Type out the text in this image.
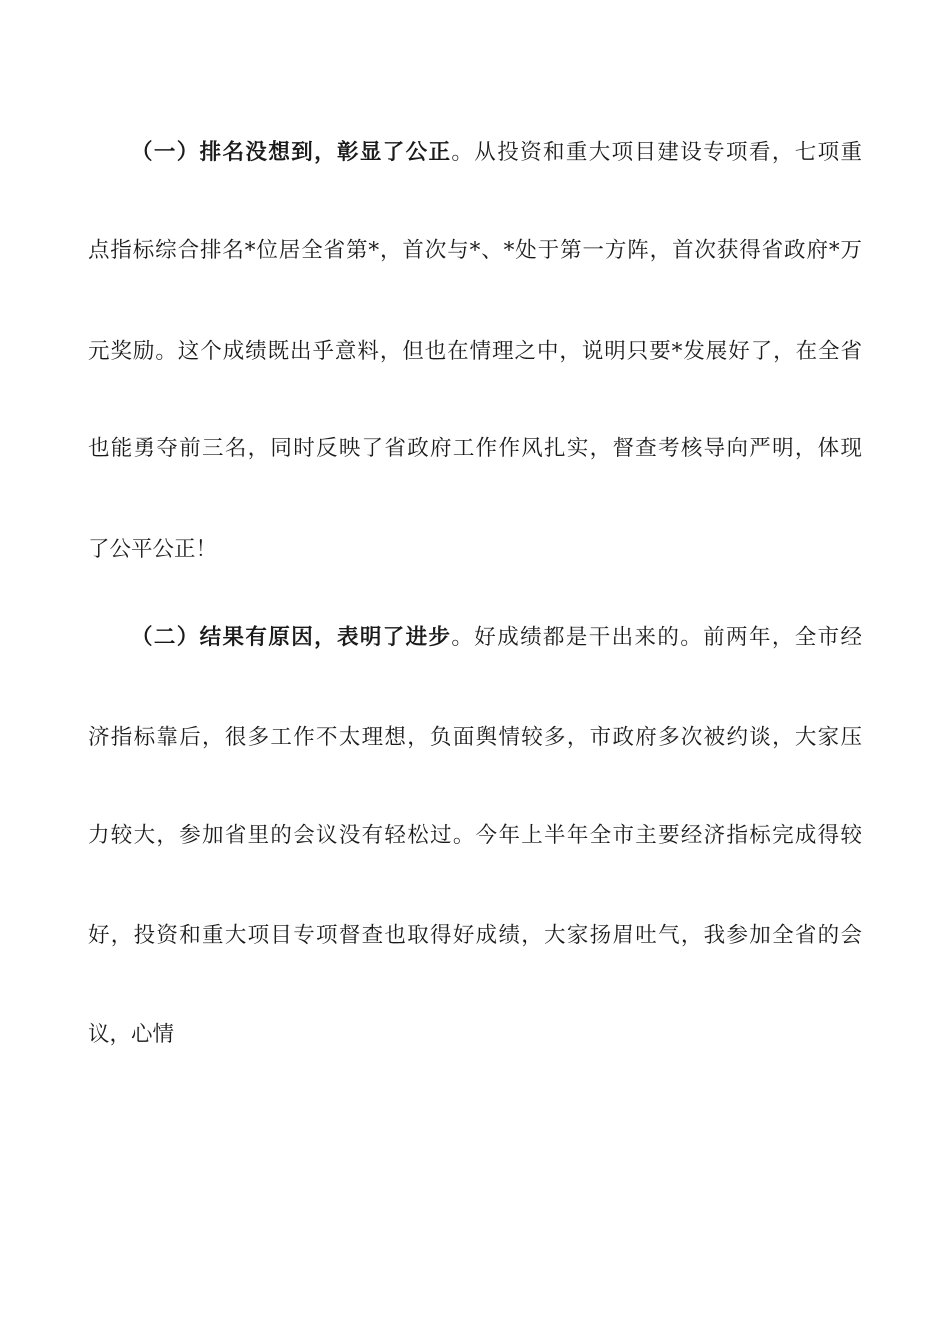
（一）排名没想到，彰显了公正。从投资和重大项目建设专项看，七项重
点指标综合排名*位居全省第*，首次与*、*处于第一方阵，首次获得省政府*万
元奖励。这个成绩既出乎意料，但也在情理之中，说明只要*发展好了，在全省
也能勇夺前三名，同时反映了省政府工作作风扎实，督查考核导向严明，体现
了公平公正！
（二）结果有原因，表明了进步。好成绩都是干出来的。前两年，全市经
济指标靠后，很多工作不太理想，负面舆情较多，市政府多次被约谈，大家压
力较大，参加省里的会议没有轻松过。今年上半年全市主要经济指标完成得较
好，投资和重大项目专项督查也取得好成绩，大家扬眉吐气，我参加全省的会
议，心情
